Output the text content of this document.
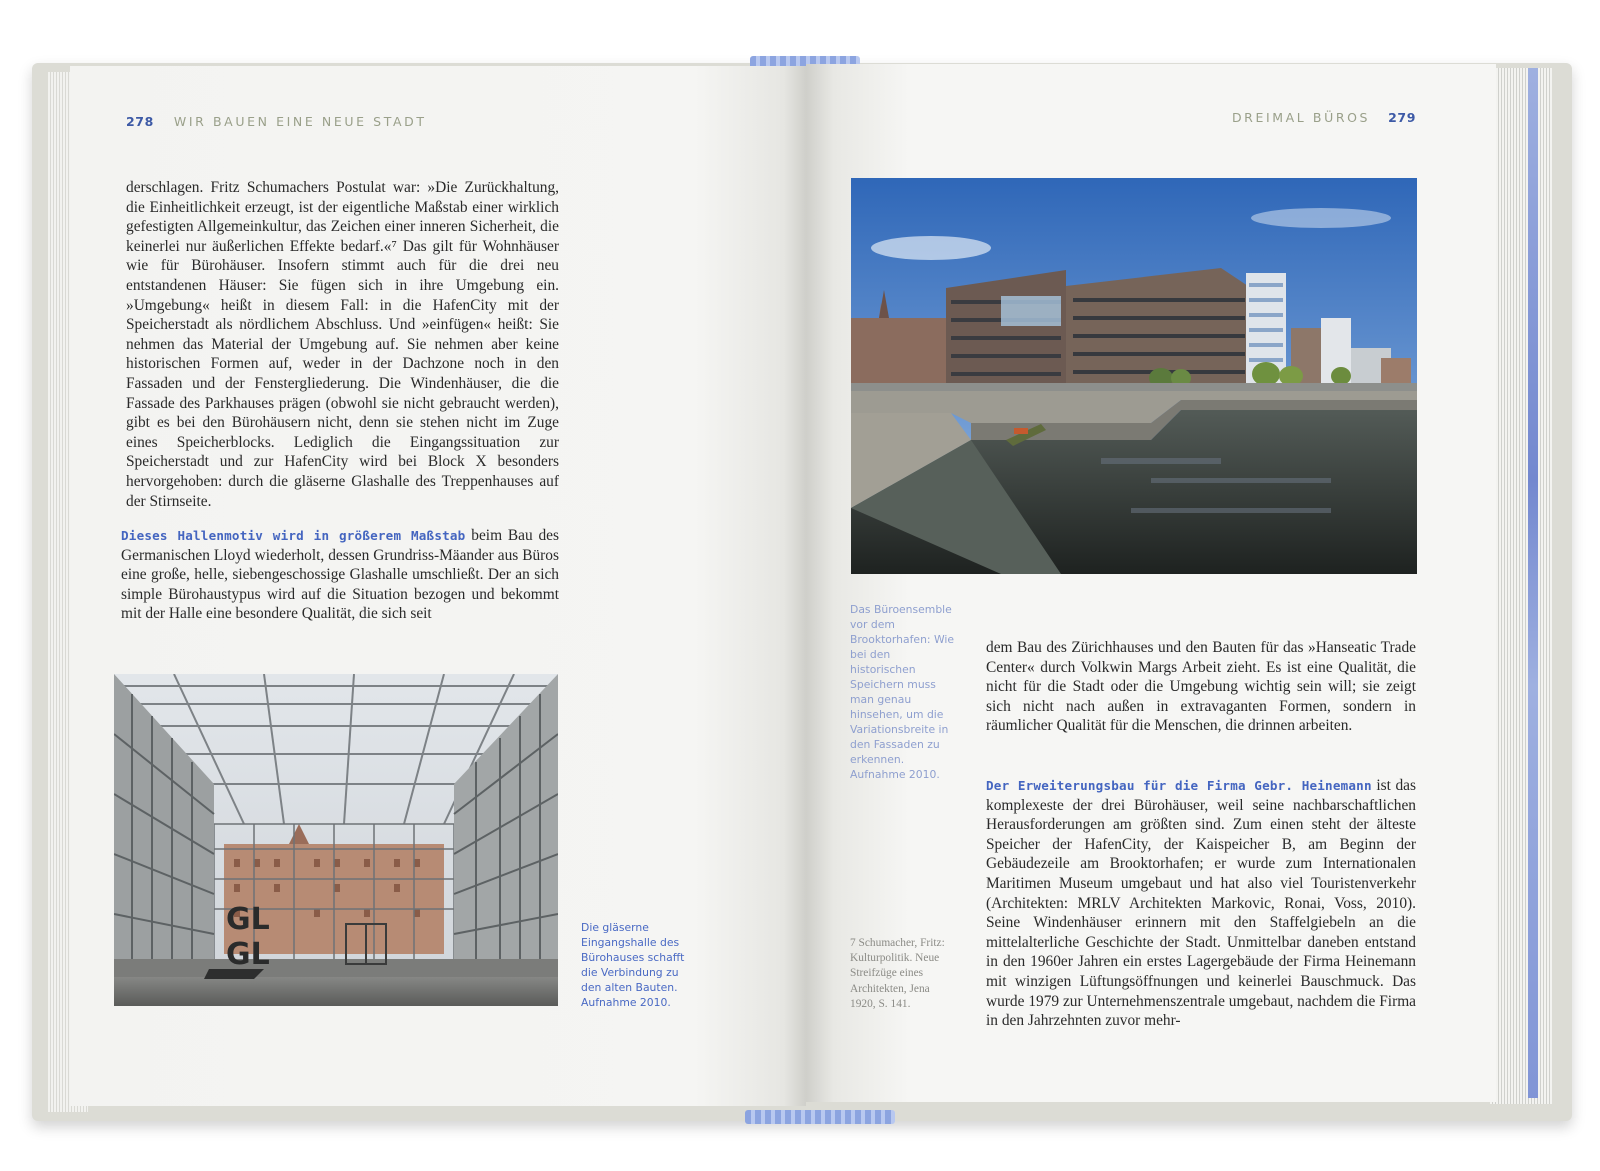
278 WIR BAUEN EINE NEUE STADT

derschlagen. Fritz Schumachers Postulat war: »Die Zurückhaltung, die Einheitlichkeit erzeugt, ist der eigentliche Maßstab einer wirklich gefestigten Allgemeinkultur, das Zeichen einer inneren Sicherheit, die keinerlei nur äußerlichen Effekte bedarf.«⁷ Das gilt für Wohnhäuser wie für Bürohäuser. Insofern stimmt auch für die drei neu entstandenen Häuser: Sie fügen sich in ihre Umgebung ein. »Umgebung« heißt in diesem Fall: in die HafenCity mit der Speicherstadt als nördlichem Abschluss. Und »einfügen« heißt: Sie nehmen das Material der Umgebung auf. Sie nehmen aber keine historischen Formen auf, weder in der Dachzone noch in den Fassaden und der Fenstergliederung. Die Windenhäuser, die die Fassade des Parkhauses prägen (obwohl sie nicht gebraucht werden), gibt es bei den Bürohäusern nicht, denn sie stehen nicht im Zuge eines Speicherblocks. Lediglich die Eingangssituation zur Speicherstadt und zur HafenCity wird bei Block X besonders hervorgehoben: durch die gläserne Glashalle des Treppenhauses auf der Stirnseite.

Dieses Hallenmotiv wird in größerem Maßstab beim Bau des Germanischen Lloyd wiederholt, dessen Grundriss-Mäander aus Büros eine große, helle, siebengeschossige Glashalle umschließt. Der an sich simple Bürohaustypus wird auf die Situation bezogen und bekommt mit der Halle eine besondere Qualität, die sich seit

GL
GL

Die gläserne Eingangshalle des Bürohauses schafft die Verbindung zu den alten Bauten. Aufnahme 2010.

DREIMAL BÜROS 279

Das Büroensemble vor dem Brooktorhafen: Wie bei den historischen Speichern muss man genau hinsehen, um die Variationsbreite in den Fassaden zu erkennen. Aufnahme 2010.

dem Bau des Zürichhauses und den Bauten für das »Hanseatic Trade Center« durch Volkwin Margs Arbeit zieht. Es ist eine Qualität, die nicht für die Stadt oder die Umgebung wichtig sein will; sie zeigt sich nicht nach außen in extravaganten Formen, sondern in räumlicher Qualität für die Menschen, die drinnen arbeiten.

Der Erweiterungsbau für die Firma Gebr. Heinemann ist das komplexeste der drei Bürohäuser, weil seine nachbarschaftlichen Herausforderungen am größten sind. Zum einen steht der älteste Speicher der HafenCity, der Kaispeicher B, am Beginn der Gebäudezeile am Brooktorhafen; er wurde zum Internationalen Maritimen Museum umgebaut und hat also viel Touristenverkehr (Architekten: MRLV Architekten Markovic, Ronai, Voss, 2010). Seine Windenhäuser erinnern mit den Staffelgiebeln an die mittelalterliche Geschichte der Stadt. Unmittelbar daneben entstand in den 1960er Jahren ein erstes Lagergebäude der Firma Heinemann mit winzigen Lüftungsöffnungen und keinerlei Bauschmuck. Das wurde 1979 zur Unternehmenszentrale umgebaut, nachdem die Firma in den Jahrzehnten zuvor mehr-

7 Schumacher, Fritz: Kulturpolitik. Neue Streifzüge eines Architekten, Jena 1920, S. 141.
